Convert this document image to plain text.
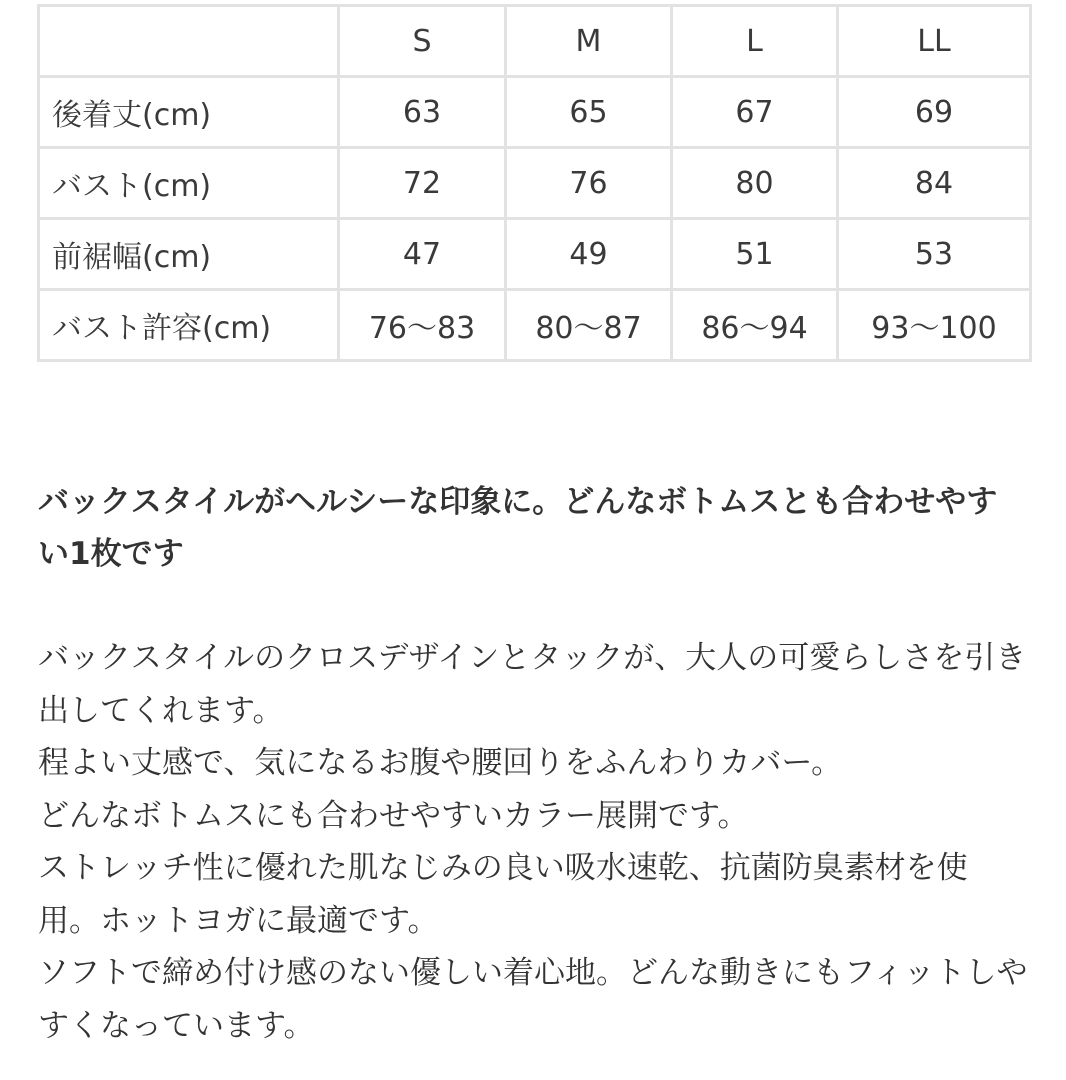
	S	M	L	LL
後着丈(cm)	63	65	67	69
バスト(cm)	72	76	80	84
前裾幅(cm)	47	49	51	53
バスト許容(cm)	76〜83	80〜87	86〜94	93〜100

バックスタイルがヘルシーな印象に。どんなボトムスとも合わせやすい1枚です

バックスタイルのクロスデザインとタックが、大人の可愛らしさを引き出してくれます。
程よい丈感で、気になるお腹や腰回りをふんわりカバー。
どんなボトムスにも合わせやすいカラー展開です。
ストレッチ性に優れた肌なじみの良い吸水速乾、抗菌防臭素材を使用。ホットヨガに最適です。
ソフトで締め付け感のない優しい着心地。どんな動きにもフィットしやすくなっています。
